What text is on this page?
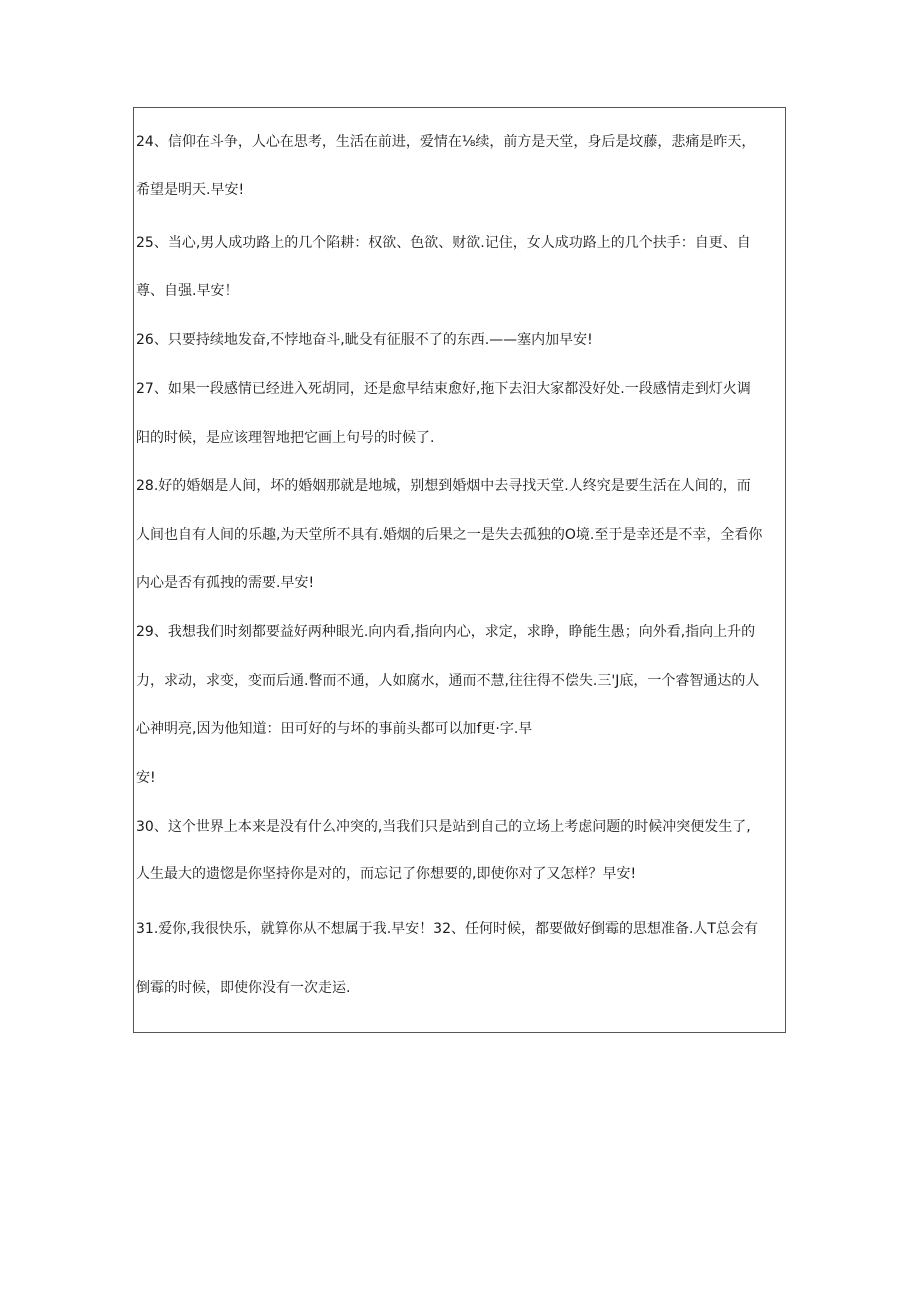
24、信仰在斗争，人心在思考，生活在前进，爱情在⅛续，前方是天堂，身后是坟藤，悲痛是昨天，

希望是明天.早安!

25、当心,男人成功路上的几个陷耕：权欲、色欲、财欲.记住，女人成功路上的几个扶手：自更、自

尊、自强.早安！

26、只要持续地发奋,不悖地奋斗,眦殳有征服不了的东西.——塞内加早安!

27、如果一段感情已经进入死胡同，还是愈早结束愈好,拖下去汨大家都没好处.一段感情走到灯火调

阳的时候，是应该理智地把它画上句号的时候了.

28.好的婚姻是人间，坏的婚姻那就是地城，别想到婚烟中去寻找天堂.人终究是要生活在人间的，而

人间也自有人间的乐趣,为天堂所不具有.婚烟的后果之一是失去孤独的O境.至于是幸还是不幸，全看你

内心是否有孤拽的需要.早安!

29、我想我们时刻都要益好两种眼光.向内看,指向内心，求定，求睁，睁能生愚；向外看,指向上升的

力，求动，求变，变而后通.瞥而不通，人如腐水，通而不慧,往往得不偿失.三'J底，一个睿智通达的人

心神明亮,因为他知道：田可好的与坏的事前头都可以加f更·字.早

安!

30、这个世界上本来是没有什么冲突的,当我们只是站到自己的立场上考虑问题的时候冲突便发生了,

人生最大的遗惚是你坚持你是对的，而忘记了你想要的,即使你对了又怎样？早安!

31.爱你,我很快乐，就算你从不想属于我.早安！32、任何时候，都要做好倒霉的思想准备.人T总会有

倒霉的时候，即使你没有一次走运.
